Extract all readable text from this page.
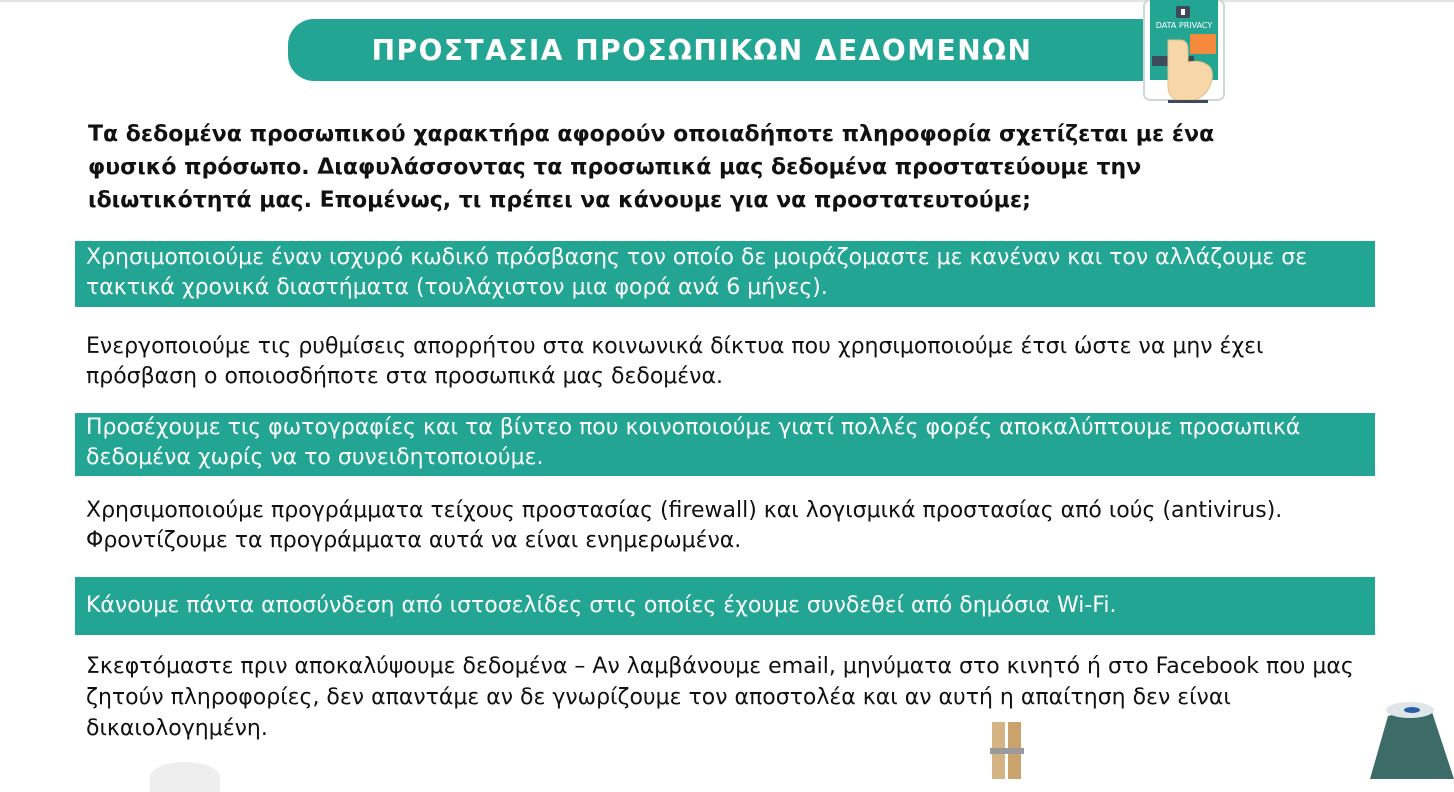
ΠΡΟΣΤΑΣΙΑ ΠΡΟΣΩΠΙΚΩΝ ΔΕΔΟΜΕΝΩΝ
DATA PRIVACY

Τα δεδομένα προσωπικού χαρακτήρα αφορούν οποιαδήποτε πληροφορία σχετίζεται με ένα φυσικό πρόσωπο. Διαφυλάσσοντας τα προσωπικά μας δεδομένα προστατεύουμε την ιδιωτικότητά μας. Επομένως, τι πρέπει να κάνουμε για να προστατευτούμε;

Χρησιμοποιούμε έναν ισχυρό κωδικό πρόσβασης τον οποίο δε μοιράζομαστε με κανέναν και τον αλλάζουμε σε τακτικά χρονικά διαστήματα (τουλάχιστον μια φορά ανά 6 μήνες).

Ενεργοποιούμε τις ρυθμίσεις απορρήτου στα κοινωνικά δίκτυα που χρησιμοποιούμε έτσι ώστε να μην έχει πρόσβαση ο οποιοσδήποτε στα προσωπικά μας δεδομένα.

Προσέχουμε τις φωτογραφίες και τα βίντεο που κοινοποιούμε γιατί πολλές φορές αποκαλύπτουμε προσωπικά δεδομένα χωρίς να το συνειδητοποιούμε.

Χρησιμοποιούμε προγράμματα τείχους προστασίας (firewall) και λογισμικά προστασίας από ιούς (antivirus). Φροντίζουμε τα προγράμματα αυτά να είναι ενημερωμένα.

Κάνουμε πάντα αποσύνδεση από ιστοσελίδες στις οποίες έχουμε συνδεθεί από δημόσια Wi-Fi.

Σκεφτόμαστε πριν αποκαλύψουμε δεδομένα – Αν λαμβάνουμε email, μηνύματα στο κινητό ή στο Facebook που μας ζητούν πληροφορίες, δεν απαντάμε αν δε γνωρίζουμε τον αποστολέα και αν αυτή η απαίτηση δεν είναι δικαιολογημένη.
